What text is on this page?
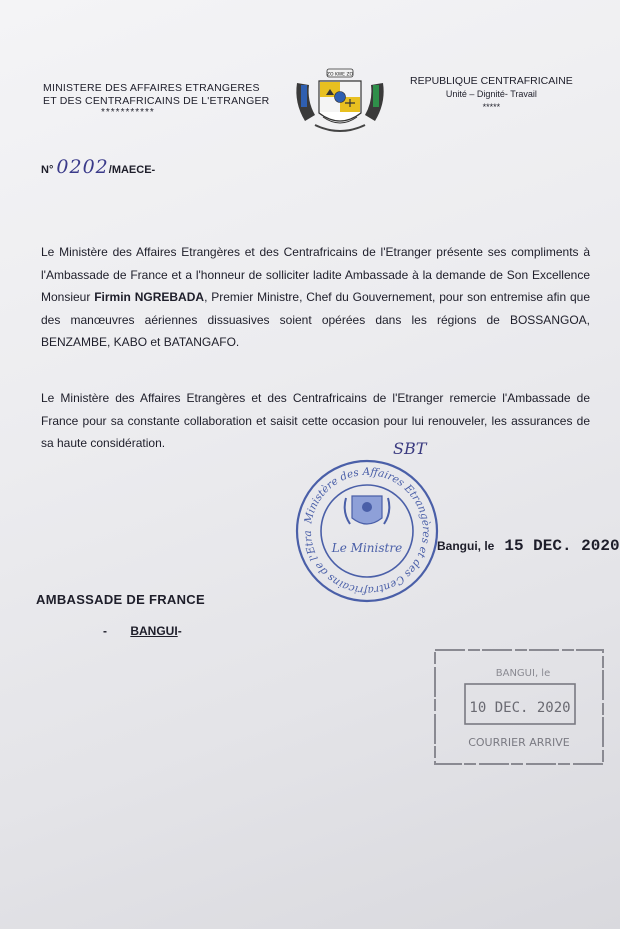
MINISTERE DES AFFAIRES ETRANGERES
ET DES CENTRAFRICAINS DE L'ETRANGER
***********
ZO KWE ZO	REPUBLIQUE CENTRAFRICAINE
Unité – Dignité- Travail
*****
N° 0202/MAECE-
Le Ministère des Affaires Etrangères et des Centrafricains de l'Etranger présente ses compliments à l'Ambassade de France et a l'honneur de solliciter ladite Ambassade à la demande de Son Excellence Monsieur Firmin NGREBADA, Premier Ministre, Chef du Gouvernement, pour son entremise afin que des manœuvres aériennes dissuasives soient opérées dans les régions de BOSSANGOA, BENZAMBE, KABO et BATANGAFO.
Le Ministère des Affaires Etrangères et des Centrafricains de l'Etranger remercie l'Ambassade de France pour sa constante collaboration et saisit cette occasion pour lui renouveler, les assurances de sa haute considération.	SBT
Ministère des Affaires Etrangères et des Centrafricains de l'Etra
Le Ministre	Bangui, le 15 DEC. 2020
AMBASSADE DE FRANCE
- BANGUI-
BANGUI, le
10 DEC. 2020
COURRIER ARRIVE
